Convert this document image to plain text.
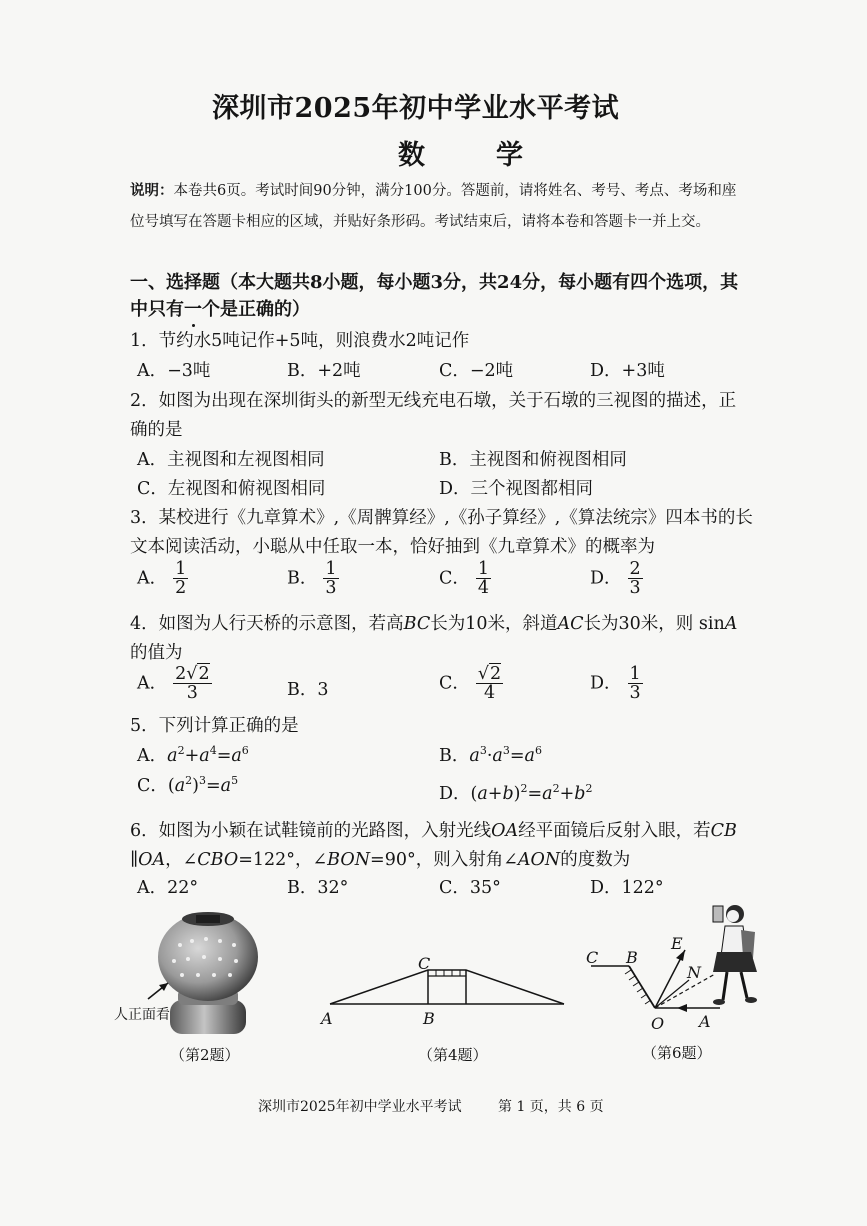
深圳市2025年初中学业水平考试
数　学
说明：本卷共6页。考试时间90分钟，满分100分。答题前，请将姓名、考号、考点、考场和座位号填写在答题卡相应的区域，并贴好条形码。考试结束后，请将本卷和答题卡一并上交。
一、选择题（本大题共8小题，每小题3分，共24分，每小题有四个选项，其
中只有一个是正确的）
1．节约水5吨记作+5吨，则浪费水2吨记作
A．−3吨	B．+2吨	C．−2吨	D．+3吨
2．如图为出现在深圳街头的新型无线充电石墩，关于石墩的三视图的描述，正
确的是
A．主视图和左视图相同	B．主视图和俯视图相同
C．左视图和俯视图相同	D．三个视图都相同
3．某校进行《九章算术》,《周髀算经》,《孙子算经》,《算法统宗》四本书的长
文本阅读活动，小聪从中任取一本，恰好抽到《九章算术》的概率为
A． $\frac{1}{2}$	B． $\frac{1}{3}$	C． $\frac{1}{4}$	D． $\frac{2}{3}$
4．如图为人行天桥的示意图，若高BC长为10米，斜道AC长为30米，则 sinA
的值为
A． $\frac{2√2}{3}$	B．3	C． $\frac{√2}{4}$	D． $\frac{1}{3}$
5．下列计算正确的是
A．$a^2+a^4=a^6$	B．$a^3\cdot a^3=a^6$
C．$(a^2)^3=a^5$
D．$(a+b)^2=a^2+b^2$
6．如图为小颖在试鞋镜前的光路图，入射光线OA经平面镜后反射入眼，若CB
∥OA，∠CBO=122°，∠BON=90°，则入射角∠AON的度数为
A．22°	B．32°	C．35°	D．122°
人正面看
（第2题）
C
A	B
（第4题）
C B
E
N
O A
（第6题）
深圳市2025年初中学业水平考试	第 1 页，共 6 页
